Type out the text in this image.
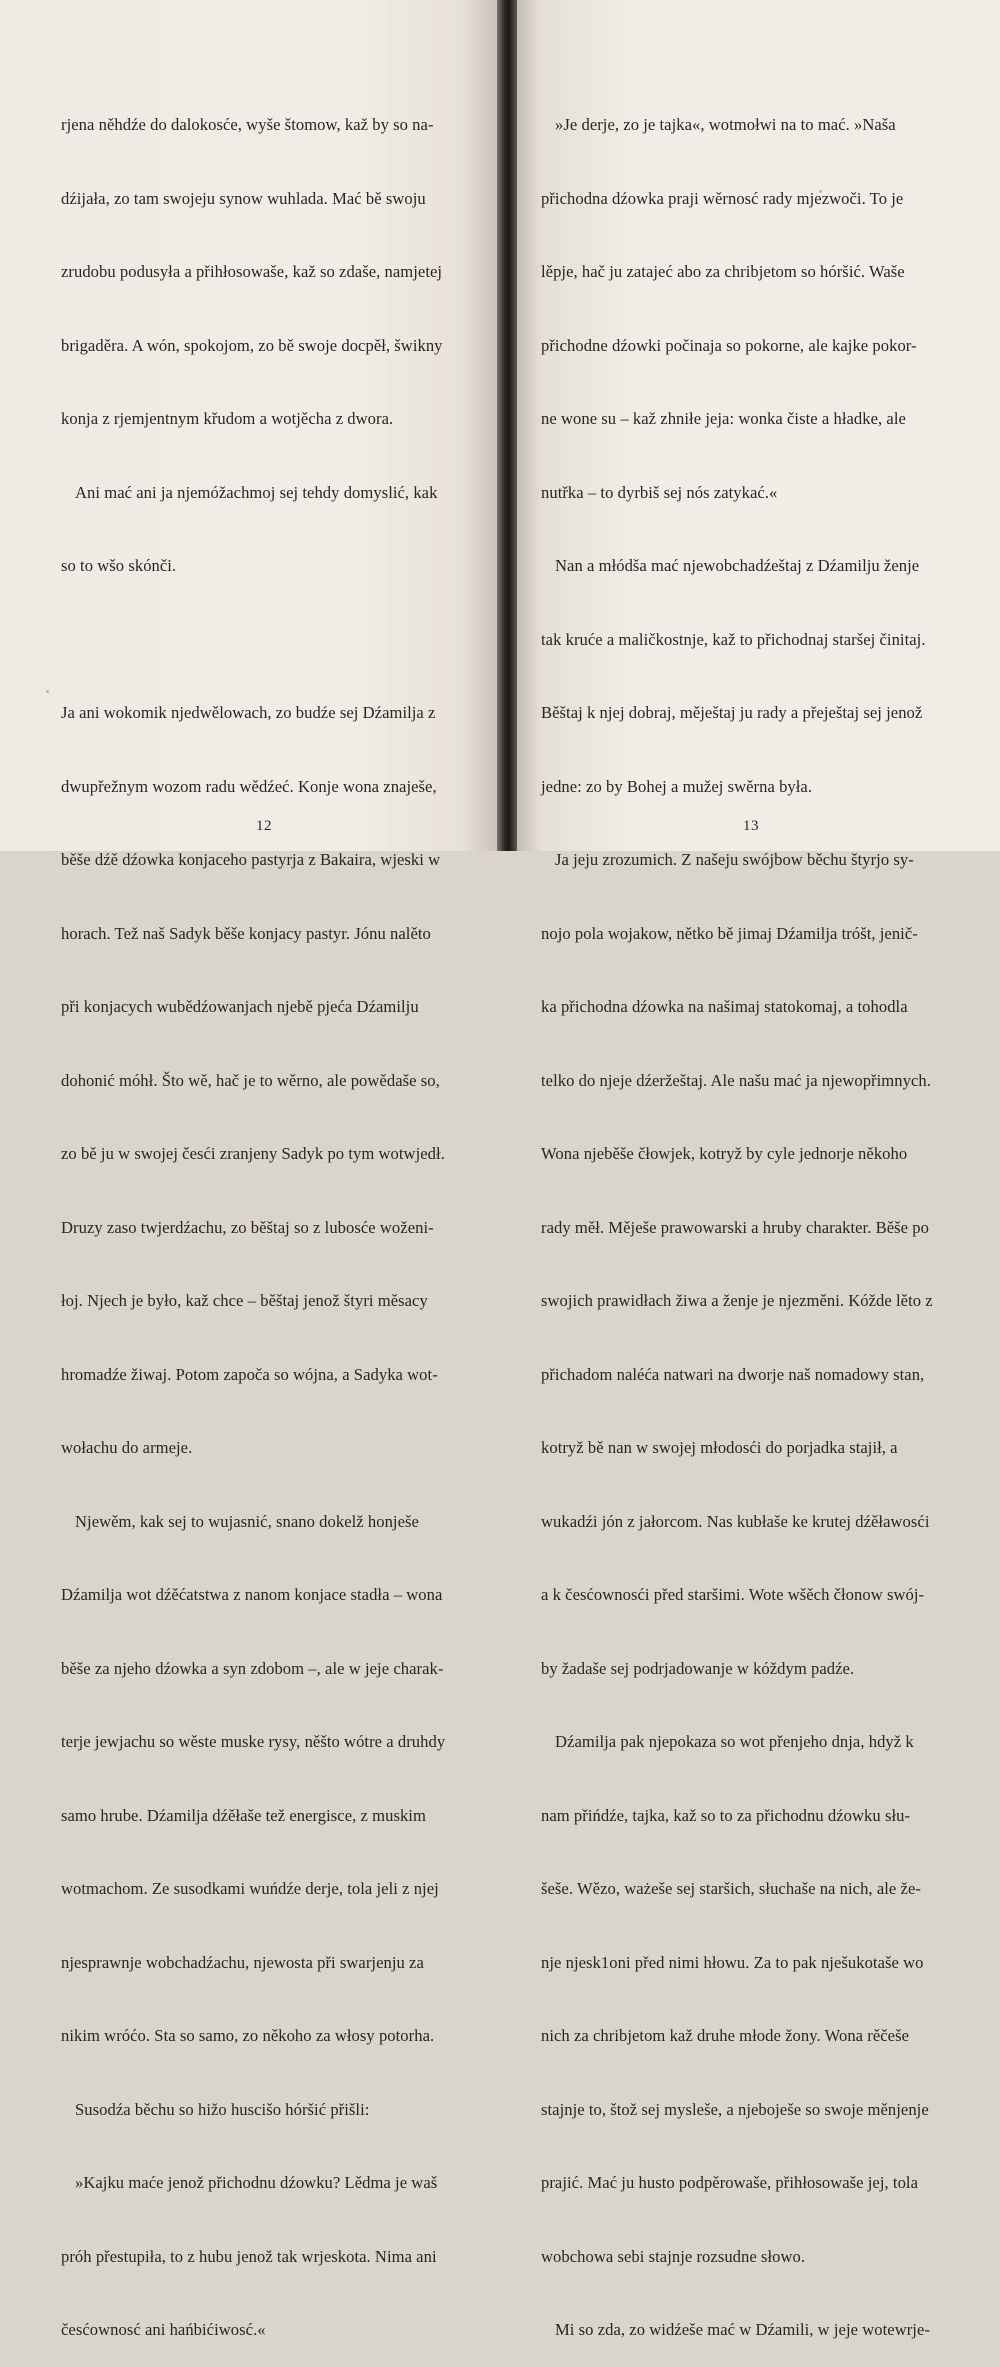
rjena něhdźe do dalokosće, wyše štomow, kaž by so na-

dźijała, zo tam swojeju synow wuhlada. Mać bě swoju

zrudobu podusyła a přihłosowaše, kaž so zdaše, namjetej

brigaděra. A wón, spokojom, zo bě swoje docpěł, šwikny

konja z rjemjentnym křudom a wotjěcha z dwora.

Ani mać ani ja njemóžachmoj sej tehdy domyslić, kak

so to wšo skónči.

Ja ani wokomik njedwělowach, zo budźe sej Dźamilja z

dwupřežnym wozom radu wědźeć. Konje wona znaješe,

běše dźě dźowka konjaceho pastyrja z Bakaira, wjeski w

horach. Tež naš Sadyk běše konjacy pastyr. Jónu nalěto

při konjacych wubědźowanjach njebě pjeća Dźamilju

dohonić móhł. Što wě, hač je to wěrno, ale powědaše so,

zo bě ju w swojej česći zranjeny Sadyk po tym wotwjedł.

Druzy zaso twjerdźachu, zo běštaj so z lubosće woženi-

łoj. Njech je było, kaž chce – běštaj jenož štyri měsacy

hromadźe žiwaj. Potom započa so wójna, a Sadyka wot-

wołachu do armeje.

Njewěm, kak sej to wujasnić, snano dokelž honješe

Dźamilja wot dźěćatstwa z nanom konjace stadła – wona

běše za njeho dźowka a syn zdobom –, ale w jeje charak-

terje jewjachu so wěste muske rysy, něšto wótre a druhdy

samo hrube. Dźamilja dźěłaše tež energisce, z muskim

wotmachom. Ze susodkami wuńdźe derje, tola jeli z njej

njesprawnje wobchadźachu, njewosta při swarjenju za

nikim wróćo. Sta so samo, zo někoho za włosy potorha.

Susodźa běchu so hižo huscišo hóršić přišli:

»Kajku maće jenož přichodnu dźowku? Lědma je waš

próh přestupiła, to z hubu jenož tak wrjeskota. Nima ani

česćownosć ani hańbićiwosć.«

»Je derje, zo je tajka«, wotmołwi na to mać. »Naša

přichodna dźowka praji wěrnosć rady mjezwoči. To je

lěpje, hač ju zatajeć abo za chribjetom so hóršić. Waše

přichodne dźowki počinaja so pokorne, ale kajke pokor-

ne wone su – kaž zhniłe jeja: wonka čiste a hładke, ale

nutřka – to dyrbiš sej nós zatykać.«

Nan a młódša mać njewobchadźeštaj z Dźamilju ženje

tak kruće a maličkostnje, kaž to přichodnaj staršej činitaj.

Běštaj k njej dobraj, měještaj ju rady a přeještaj sej jenož

jedne: zo by Bohej a mužej swěrna była.

Ja jeju zrozumich. Z našeju swójbow běchu štyrjo sy-

nojo pola wojakow, nětko bě jimaj Dźamilja tróšt, jenič-

ka přichodna dźowka na našimaj statokomaj, a tohodla

telko do njeje dźeržeštaj. Ale našu mać ja njewopřimnych.

Wona njeběše čłowjek, kotryž by cyle jednorje někoho

rady měł. Měješe prawowarski a hruby charakter. Běše po

swojich prawidłach žiwa a ženje je njezměni. Kóžde lěto z

přichadom naléća natwari na dworje naš nomadowy stan,

kotryž bě nan w swojej młodosći do porjadka stajił, a

wukadźi jón z jałorcom. Nas kubłaše ke krutej dźěławosći

a k česćownosći před staršimi. Wote wšěch čłonow swój-

by žadaše sej podrjadowanje w kóždym padźe.

Dźamilja pak njepokaza so wot přenjeho dnja, hdyž k

nam přińdźe, tajka, kaž so to za přichodnu dźowku słu-

šeše. Wězo, ważeše sej staršich, słuchaše na nich, ale že-

nje njesk1oni před nimi hłowu. Za to pak nješukotaše wo

nich za chribjetom kaž druhe młode žony. Wona rěčeše

stajnje to, štož sej mysleše, a njeboješe so swoje měnjenje

prajić. Mać ju husto podpěrowaše, přihłosowaše jej, tola

wobchowa sebi stajnje rozsudne słowo.

Mi so zda, zo widźeše mać w Dźamili, w jeje wotewrje-

12	13
